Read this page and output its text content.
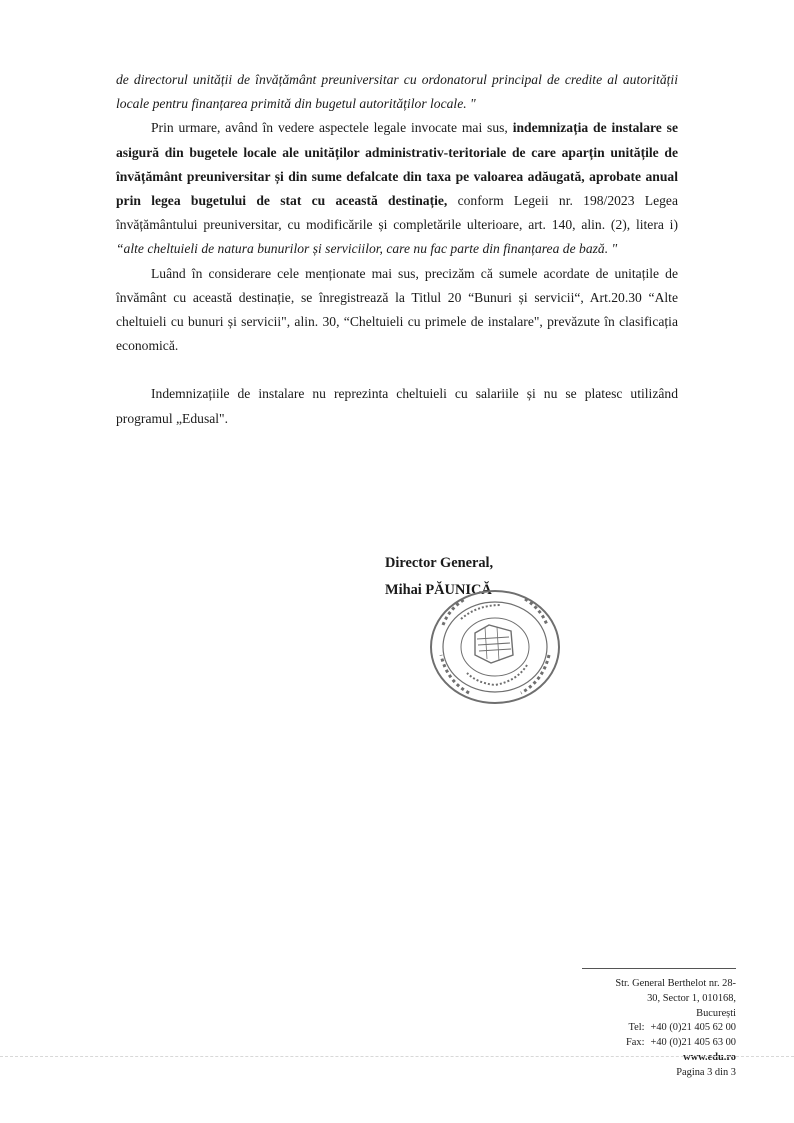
de directorul unității de învățământ preuniversitar cu ordonatorul principal de credite al autorității locale pentru finanțarea primită din bugetul autorităților locale. "

Prin urmare, având în vedere aspectele legale invocate mai sus, indemnizația de instalare se asigură din bugetele locale ale unităților administrativ-teritoriale de care aparțin unitățile de învățământ preuniversitar și din sume defalcate din taxa pe valoarea adăugată, aprobate anual prin legea bugetului de stat cu această destinație, conform Legeii nr. 198/2023 Legea învățământului preuniversitar, cu modificările și completările ulterioare, art. 140, alin. (2), litera i) “alte cheltuieli de natura bunurilor și serviciilor, care nu fac parte din finanțarea de bază. "

Luând în considerare cele menționate mai sus, precizăm că sumele acordate de unitațile de învământ cu această destinație, se înregistrează la Titlul 20 “Bunuri și servicii“, Art.20.30 “Alte cheltuieli cu bunuri și servicii", alin. 30, “Cheltuieli cu primele de instalare", prevăzute în clasificația economică.

Indemnizațiile de instalare nu reprezinta cheltuieli cu salariile și nu se platesc utilizând programul „Edusal".

Director General,
Mihai PĂUNICĂ
Str. General Berthelot nr. 28-
30, Sector 1, 010168,
București
Tel: +40 (0)21 405 62 00
Fax: +40 (0)21 405 63 00
www.edu.ro
Pagina 3 din 3
